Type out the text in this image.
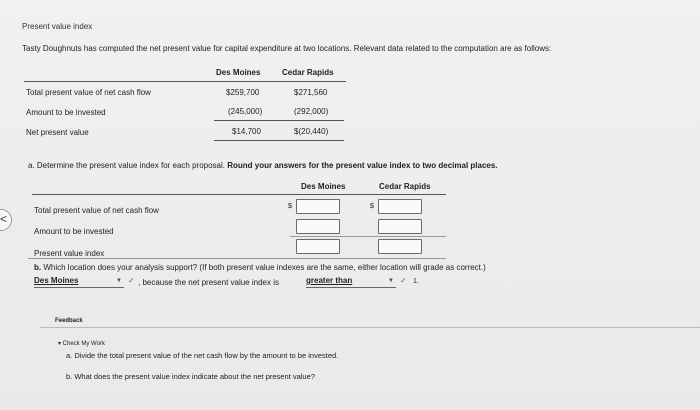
<
Present value index
Tasty Doughnuts has computed the net present value for capital expenditure at two locations. Relevant data related to the computation are as follows:
Des Moines	Cedar Rapids
Total present value of net cash flow	$259,700	$271,560
Amount to be invested	(245,000)	(292,000)
Net present value	$14,700	$(20,440)
a. Determine the present value index for each proposal. Round your answers for the present value index to two decimal places.
Des Moines	Cedar Rapids
Total present value of net cash flow	$	$
Amount to be invested
Present value index
b. Which location does your analysis support? (If both present value indexes are the same, either location will grade as correct.)
Des Moines	▼ ✓ , because the net present value index is	greater than	▼ ✓ 1.
Feedback
▾ Check My Work
a. Divide the total present value of the net cash flow by the amount to be invested.
b. What does the present value index indicate about the net present value?
